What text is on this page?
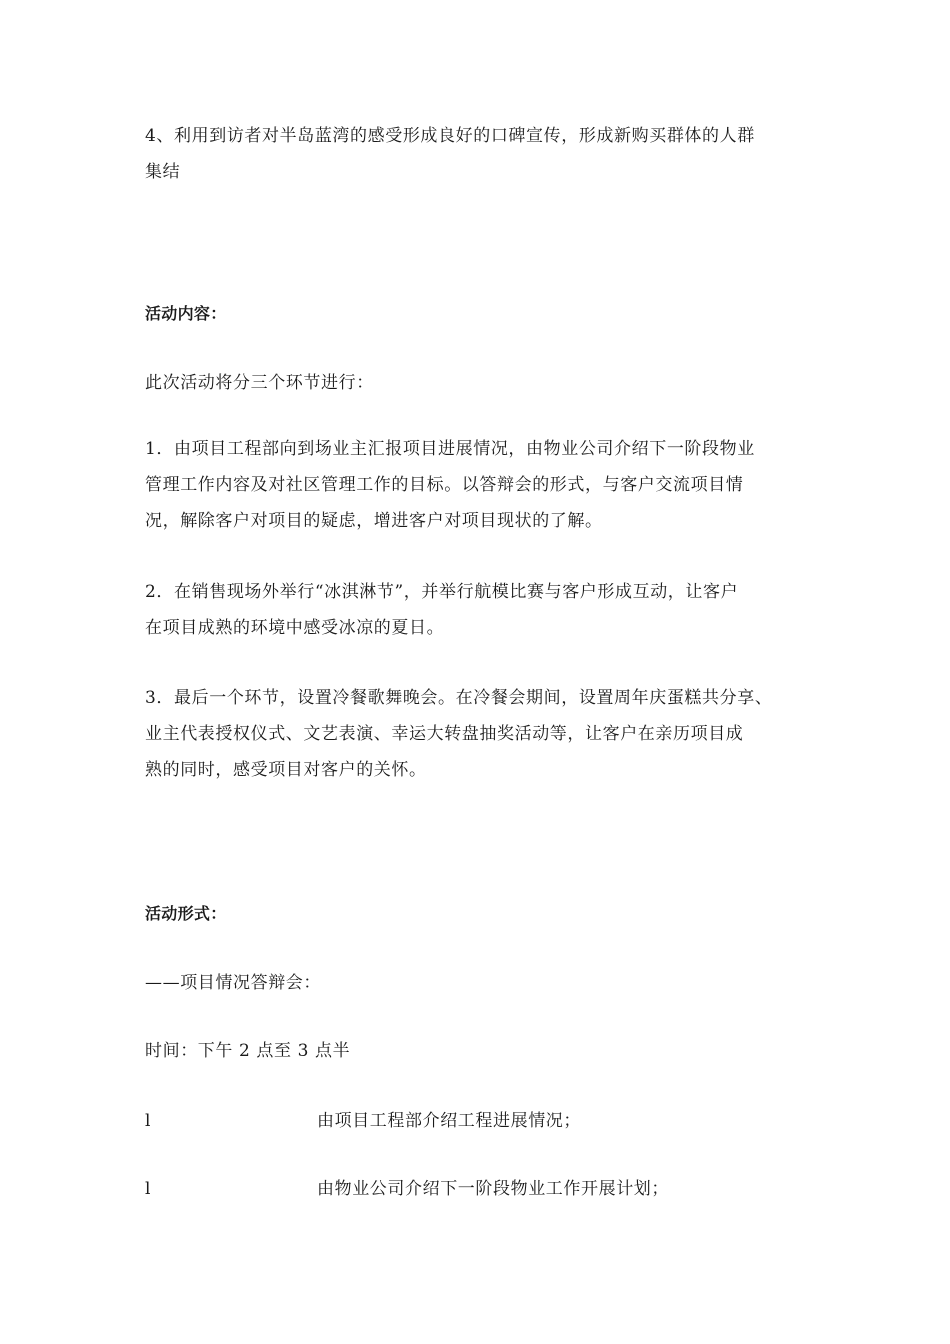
4、利用到访者对半岛蓝湾的感受形成良好的口碑宣传，形成新购买群体的人群
集结
活动内容：
此次活动将分三个环节进行：
1．由项目工程部向到场业主汇报项目进展情况，由物业公司介绍下一阶段物业
管理工作内容及对社区管理工作的目标。以答辩会的形式，与客户交流项目情
况，解除客户对项目的疑虑，增进客户对项目现状的了解。
2．在销售现场外举行“冰淇淋节”，并举行航模比赛与客户形成互动，让客户
在项目成熟的环境中感受冰凉的夏日。
3．最后一个环节，设置冷餐歌舞晚会。在冷餐会期间，设置周年庆蛋糕共分享、
业主代表授权仪式、文艺表演、幸运大转盘抽奖活动等，让客户在亲历项目成
熟的同时，感受项目对客户的关怀。
活动形式：
——项目情况答辩会：
时间：下午 2 点至 3 点半
l	由项目工程部介绍工程进展情况；
l	由物业公司介绍下一阶段物业工作开展计划；
